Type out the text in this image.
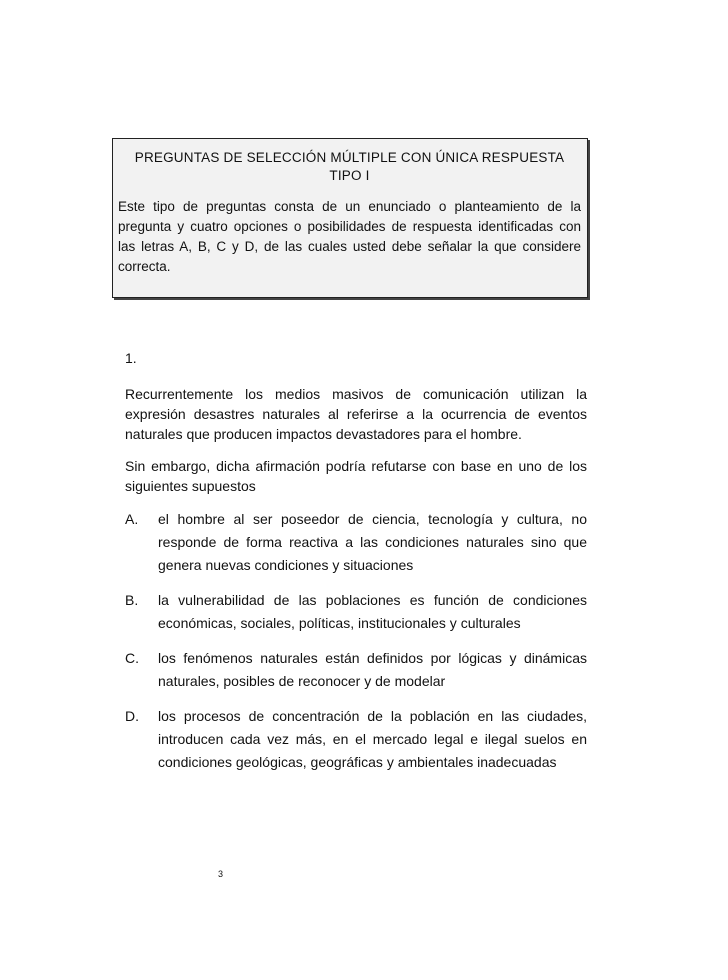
PREGUNTAS DE SELECCIÓN MÚLTIPLE CON ÚNICA RESPUESTA
TIPO I
Este tipo de preguntas consta de un enunciado o planteamiento de la pregunta y cuatro opciones o posibilidades de respuesta identificadas con las letras A, B, C y D, de las cuales usted debe señalar la que considere correcta.
1.

Recurrentemente los medios masivos de comunicación utilizan la expresión desastres naturales al referirse a la ocurrencia de eventos naturales que producen impactos devastadores para el hombre.

Sin embargo, dicha afirmación podría refutarse con base en uno de los siguientes supuestos

A.	el hombre al ser poseedor de ciencia, tecnología y cultura, no responde de forma reactiva a las condiciones naturales sino que genera nuevas condiciones y situaciones
B.	la vulnerabilidad de las poblaciones es función de condiciones económicas, sociales, políticas, institucionales y culturales
C.	los fenómenos naturales están definidos por lógicas y dinámicas naturales, posibles de reconocer y de modelar
D.	los procesos de concentración de la población en las ciudades, introducen cada vez más, en el mercado legal e ilegal suelos en condiciones geológicas, geográficas y ambientales inadecuadas
3
